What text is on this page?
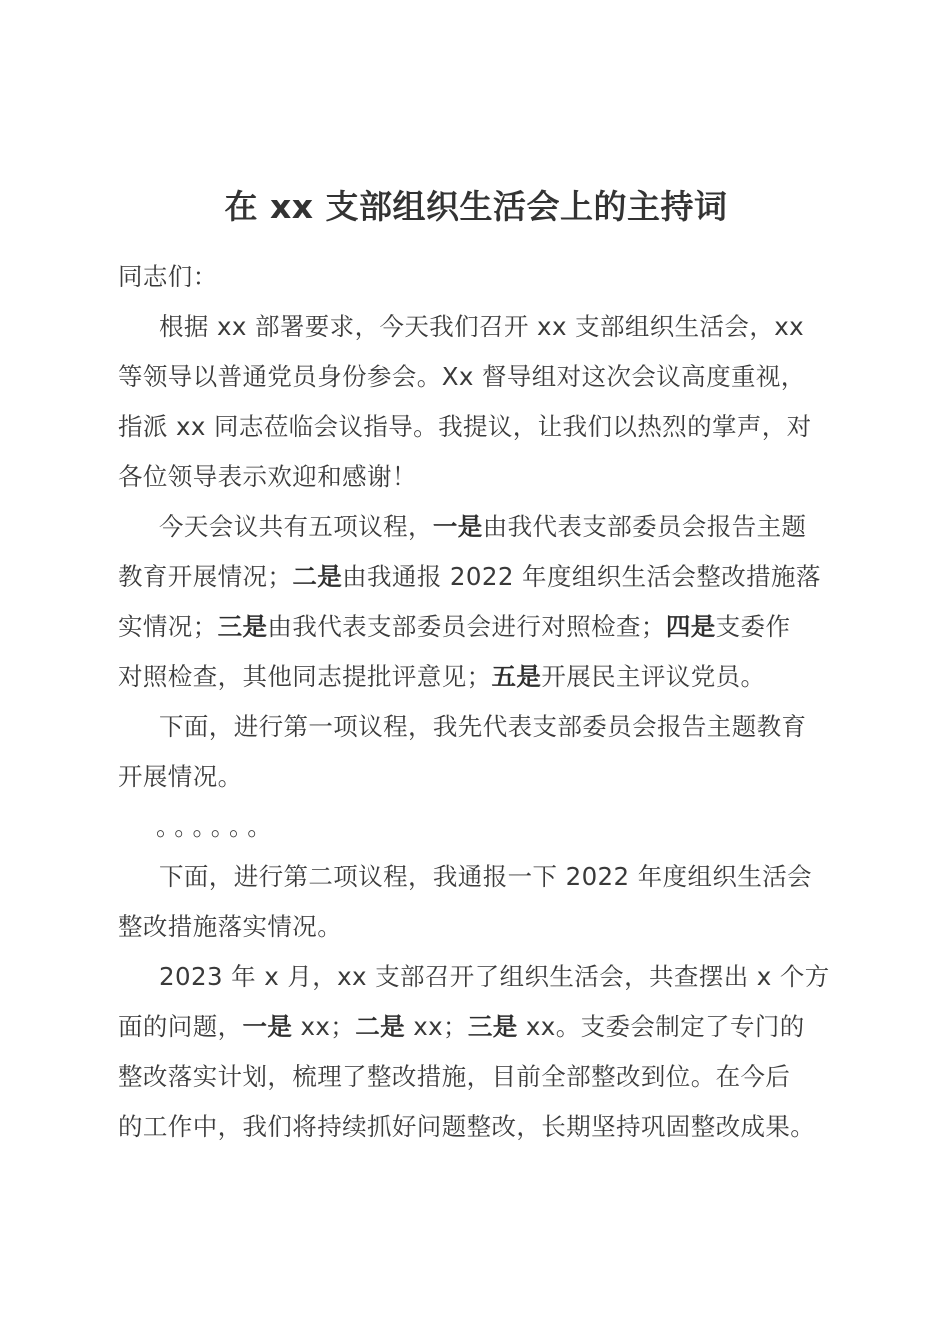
在 xx 支部组织生活会上的主持词
同志们：
根据 xx 部署要求，今天我们召开 xx 支部组织生活会，xx
等领导以普通党员身份参会。Xx 督导组对这次会议高度重视，
指派 xx 同志莅临会议指导。我提议，让我们以热烈的掌声，对
各位领导表示欢迎和感谢！
今天会议共有五项议程，一是由我代表支部委员会报告主题
教育开展情况；二是由我通报 2022 年度组织生活会整改措施落
实情况；三是由我代表支部委员会进行对照检查；四是支委作
对照检查，其他同志提批评意见；五是开展民主评议党员。
下面，进行第一项议程，我先代表支部委员会报告主题教育
开展情况。
。。。。。。
下面，进行第二项议程，我通报一下 2022 年度组织生活会
整改措施落实情况。
2023 年 x 月，xx 支部召开了组织生活会，共查摆出 x 个方
面的问题，一是 xx；二是 xx；三是 xx。支委会制定了专门的
整改落实计划，梳理了整改措施，目前全部整改到位。在今后
的工作中，我们将持续抓好问题整改，长期坚持巩固整改成果。
